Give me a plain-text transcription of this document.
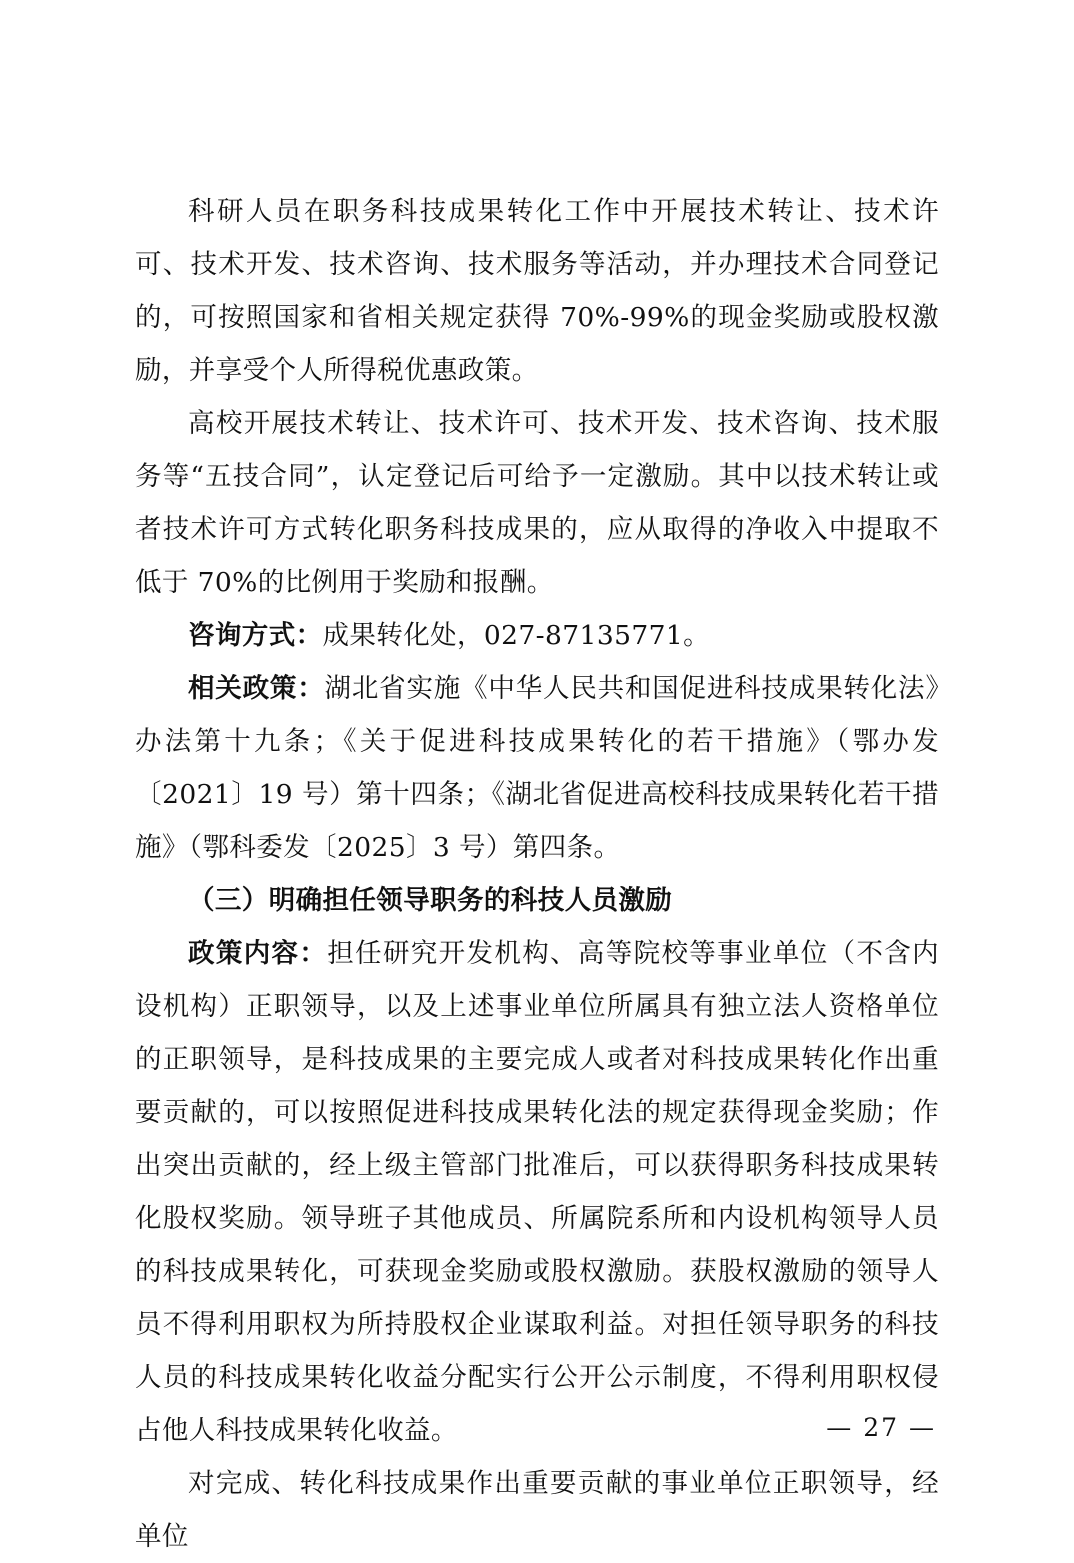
科研人员在职务科技成果转化工作中开展技术转让、技术许可、技术开发、技术咨询、技术服务等活动，并办理技术合同登记的，可按照国家和省相关规定获得 70%-99%的现金奖励或股权激励，并享受个人所得税优惠政策。

高校开展技术转让、技术许可、技术开发、技术咨询、技术服务等“五技合同”，认定登记后可给予一定激励。其中以技术转让或者技术许可方式转化职务科技成果的，应从取得的净收入中提取不低于 70%的比例用于奖励和报酬。

咨询方式：成果转化处，027-87135771。

相关政策：湖北省实施《中华人民共和国促进科技成果转化法》办法第十九条；《关于促进科技成果转化的若干措施》（鄂办发〔2021〕19 号）第十四条；《湖北省促进高校科技成果转化若干措施》（鄂科委发〔2025〕3 号）第四条。

（三）明确担任领导职务的科技人员激励

政策内容：担任研究开发机构、高等院校等事业单位（不含内设机构）正职领导，以及上述事业单位所属具有独立法人资格单位的正职领导，是科技成果的主要完成人或者对科技成果转化作出重要贡献的，可以按照促进科技成果转化法的规定获得现金奖励；作出突出贡献的，经上级主管部门批准后，可以获得职务科技成果转化股权奖励。领导班子其他成员、所属院系所和内设机构领导人员的科技成果转化，可获现金奖励或股权激励。获股权激励的领导人员不得利用职权为所持股权企业谋取利益。对担任领导职务的科技人员的科技成果转化收益分配实行公开公示制度，不得利用职权侵占他人科技成果转化收益。

对完成、转化科技成果作出重要贡献的事业单位正职领导，经单位

— 27 —
